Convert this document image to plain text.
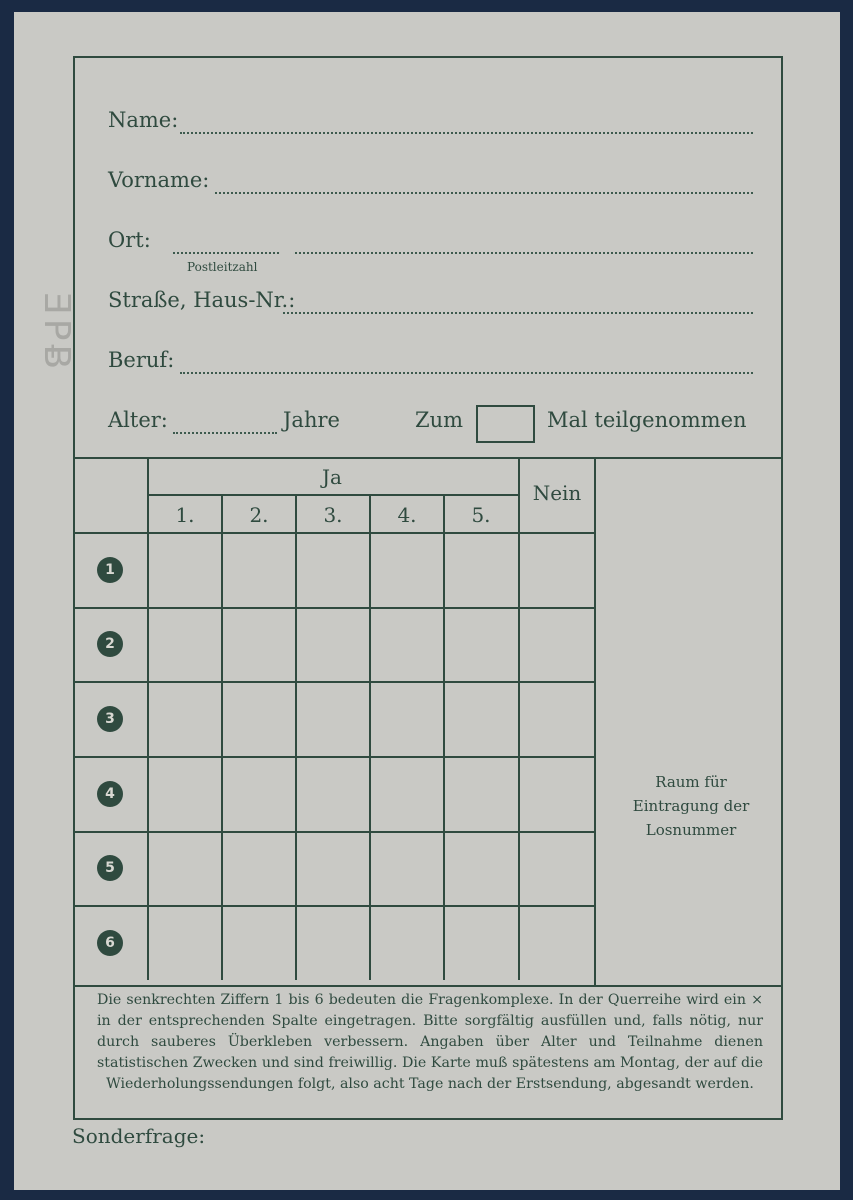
ƎPɃ
Name:
Vorname:
Ort:
Postleitzahl
Straße, Haus-Nr.:
Beruf:
Alter:	Jahre	Zum	Mal teilgenommen
Ja
Nein
1.	2.	3.	4.	5.
1
2
3
4
5
6
Raum für
Eintragung der
Losnummer
Die senkrechten Ziffern 1 bis 6 bedeuten die Fragenkomplexe. In der Querreihe wird ein × in der entsprechenden Spalte eingetragen. Bitte sorgfältig ausfüllen und, falls nötig, nur durch sauberes Überkleben verbessern. Angaben über Alter und Teilnahme dienen statistischen Zwecken und sind freiwillig. Die Karte muß spätestens am Montag, der auf die Wiederholungssendungen folgt, also acht Tage nach der Erstsendung, abgesandt werden.
Sonderfrage:
